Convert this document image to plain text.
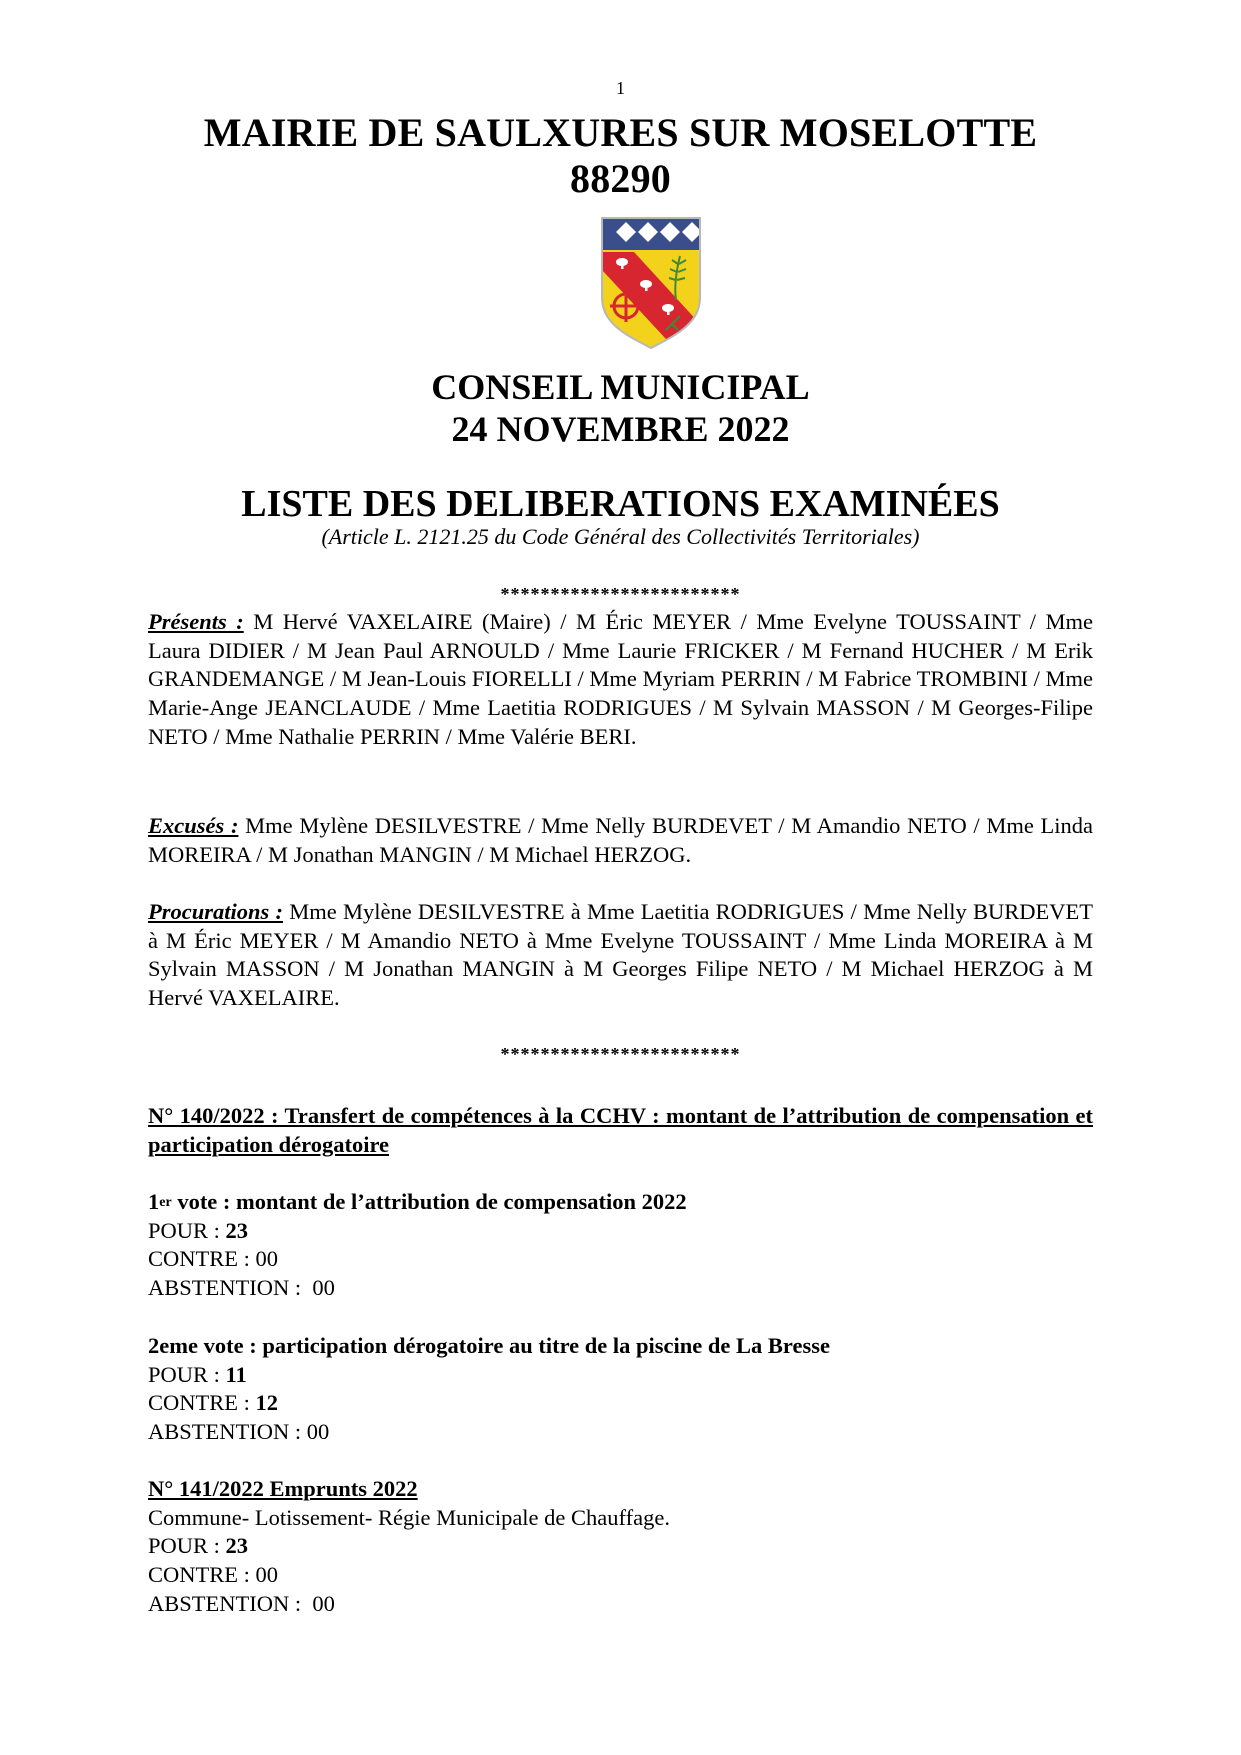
1
MAIRIE DE SAULXURES SUR MOSELOTTE
88290
CONSEIL MUNICIPAL
24 NOVEMBRE 2022
LISTE DES DELIBERATIONS EXAMINÉES
(Article L. 2121.25 du Code Général des Collectivités Territoriales)
************************
Présents : M Hervé VAXELAIRE (Maire) / M Éric MEYER / Mme Evelyne TOUSSAINT / Mme Laura DIDIER / M Jean Paul ARNOULD / Mme Laurie FRICKER / M Fernand HUCHER / M Erik GRANDEMANGE / M Jean-Louis FIORELLI / Mme Myriam PERRIN / M Fabrice TROMBINI / Mme Marie-Ange JEANCLAUDE / Mme Laetitia RODRIGUES / M Sylvain MASSON / M Georges-Filipe NETO / Mme Nathalie PERRIN / Mme Valérie BERI.
Excusés : Mme Mylène DESILVESTRE / Mme Nelly BURDEVET / M Amandio NETO / Mme Linda MOREIRA / M Jonathan MANGIN / M Michael HERZOG.
Procurations : Mme Mylène DESILVESTRE à Mme Laetitia RODRIGUES / Mme Nelly BURDEVET à M Éric MEYER / M Amandio NETO à Mme Evelyne TOUSSAINT / Mme Linda MOREIRA à M Sylvain MASSON / M Jonathan MANGIN à M Georges Filipe NETO / M Michael HERZOG à M Hervé VAXELAIRE.
************************
N° 140/2022 : Transfert de compétences à la CCHV : montant de l’attribution de compensation et participation dérogatoire
1er vote : montant de l’attribution de compensation 2022
POUR : 23
CONTRE : 00
ABSTENTION :  00
2eme vote : participation dérogatoire au titre de la piscine de La Bresse
POUR : 11
CONTRE : 12
ABSTENTION : 00
N° 141/2022 Emprunts 2022
Commune- Lotissement- Régie Municipale de Chauffage.
POUR : 23
CONTRE : 00
ABSTENTION :  00
